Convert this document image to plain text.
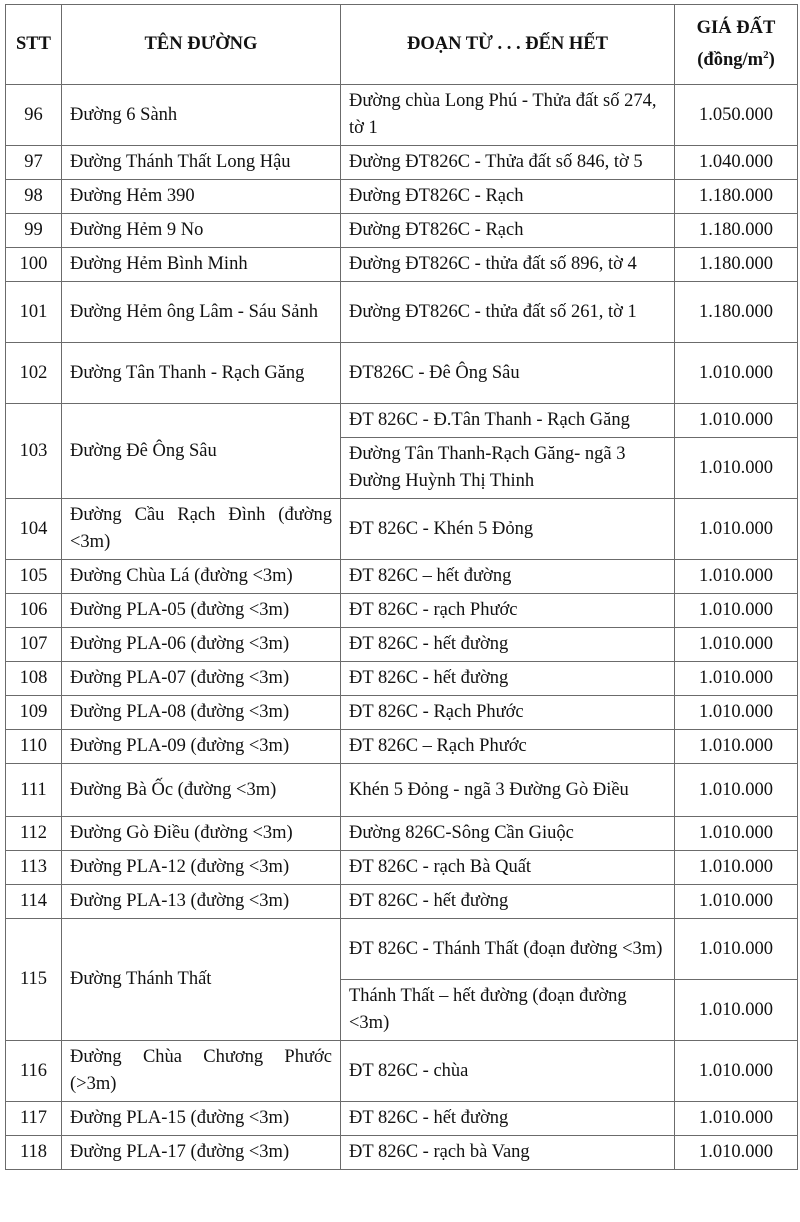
STT	TÊN ĐƯỜNG	ĐOẠN TỪ . . . ĐẾN HẾT	GIÁ ĐẤT
$(đồng/m^2)$
96	Đường 6 Sành	Đường chùa Long Phú - Thửa đất số 274, tờ 1	1.050.000
97	Đường Thánh Thất Long Hậu	Đường ĐT826C - Thửa đất số 846, tờ 5	1.040.000
98	Đường Hẻm 390	Đường ĐT826C - Rạch	1.180.000
99	Đường Hẻm 9 No	Đường ĐT826C - Rạch	1.180.000
100	Đường Hẻm Bình Minh	Đường ĐT826C - thửa đất số 896, tờ 4	1.180.000
101	Đường Hẻm ông Lâm - Sáu Sảnh	Đường ĐT826C - thửa đất số 261, tờ 1	1.180.000
102	Đường Tân Thanh - Rạch Găng	ĐT826C - Đê Ông Sâu	1.010.000
103	Đường Đê Ông Sâu	ĐT 826C - Đ.Tân Thanh - Rạch Găng	1.010.000
		Đường Tân Thanh-Rạch Găng- ngã 3 Đường Huỳnh Thị Thinh	1.010.000
104	Đường Cầu Rạch Đình (đường <3m)	ĐT 826C - Khén 5 Đỏng	1.010.000
105	Đường Chùa Lá (đường <3m)	ĐT 826C – hết đường	1.010.000
106	Đường PLA-05 (đường <3m)	ĐT 826C - rạch Phước	1.010.000
107	Đường PLA-06 (đường <3m)	ĐT 826C - hết đường	1.010.000
108	Đường PLA-07 (đường <3m)	ĐT 826C - hết đường	1.010.000
109	Đường PLA-08 (đường <3m)	ĐT 826C - Rạch Phước	1.010.000
110	Đường PLA-09 (đường <3m)	ĐT 826C – Rạch Phước	1.010.000
111	Đường Bà Ốc (đường <3m)	Khén 5 Đỏng - ngã 3 Đường Gò Điều	1.010.000
112	Đường Gò Điều (đường <3m)	Đường 826C-Sông Cần Giuộc	1.010.000
113	Đường PLA-12 (đường <3m)	ĐT 826C - rạch Bà Quất	1.010.000
114	Đường PLA-13 (đường <3m)	ĐT 826C - hết đường	1.010.000
115	Đường Thánh Thất	ĐT 826C - Thánh Thất (đoạn đường <3m)	1.010.000
		Thánh Thất – hết đường (đoạn đường <3m)	1.010.000
116	Đường Chùa Chương Phước (>3m)	ĐT 826C - chùa	1.010.000
117	Đường PLA-15 (đường <3m)	ĐT 826C - hết đường	1.010.000
118	Đường PLA-17 (đường <3m)	ĐT 826C - rạch bà Vang	1.010.000
